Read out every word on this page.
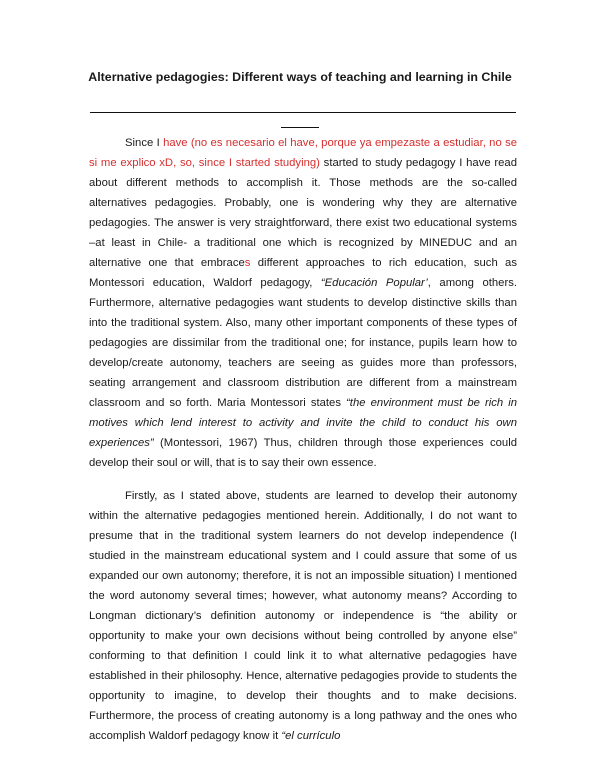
Alternative pedagogies: Different ways of teaching and learning in Chile

Since I have (no es necesario el have, porque ya empezaste a estudiar, no se si me explico xD, so, since I started studying) started to study pedagogy I have read about different methods to accomplish it. Those methods are the so-called alternatives pedagogies. Probably, one is wondering why they are alternative pedagogies. The answer is very straightforward, there exist two educational systems –at least in Chile- a traditional one which is recognized by MINEDUC and an alternative one that embraces different approaches to rich education, such as Montessori education, Waldorf pedagogy, “Educación Popular’, among others. Furthermore, alternative pedagogies want students to develop distinctive skills than into the traditional system. Also, many other important components of these types of pedagogies are dissimilar from the traditional one; for instance, pupils learn how to develop/create autonomy, teachers are seeing as guides more than professors, seating arrangement and classroom distribution are different from a mainstream classroom and so forth. Maria Montessori states “the environment must be rich in motives which lend interest to activity and invite the child to conduct his own experiences” (Montessori, 1967) Thus, children through those experiences could develop their soul or will, that is to say their own essence.

Firstly, as I stated above, students are learned to develop their autonomy within the alternative pedagogies mentioned herein. Additionally, I do not want to presume that in the traditional system learners do not develop independence (I studied in the mainstream educational system and I could assure that some of us expanded our own autonomy; therefore, it is not an impossible situation) I mentioned the word autonomy several times; however, what autonomy means? According to Longman dictionary’s definition autonomy or independence is “the ability or opportunity to make your own decisions without being controlled by anyone else” conforming to that definition I could link it to what alternative pedagogies have established in their philosophy. Hence, alternative pedagogies provide to students the opportunity to imagine, to develop their thoughts and to make decisions. Furthermore, the process of creating autonomy is a long pathway and the ones who accomplish Waldorf pedagogy know it “el currículo
